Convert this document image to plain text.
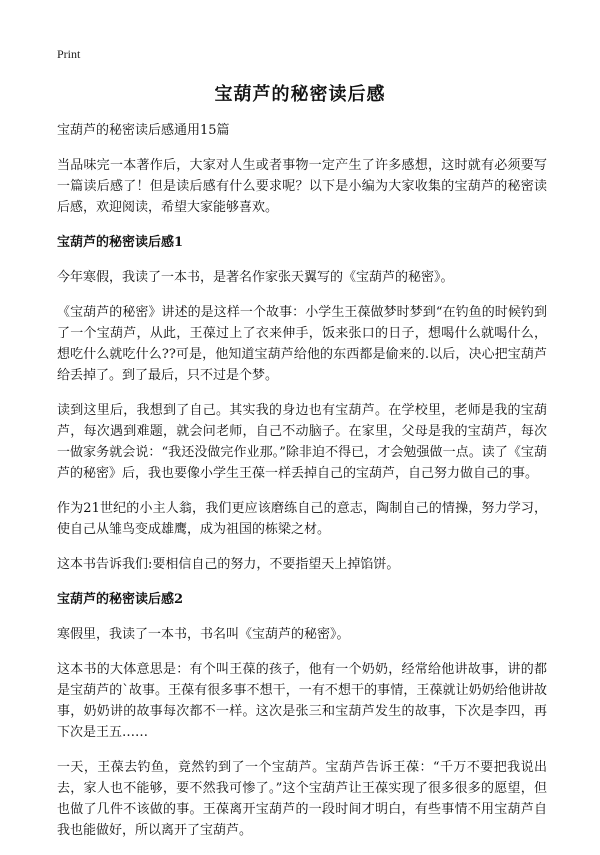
Print
宝葫芦的秘密读后感

宝葫芦的秘密读后感通用15篇

当品味完一本著作后，大家对人生或者事物一定产生了许多感想，这时就有必须要写一篇读后感了！但是读后感有什么要求呢？以下是小编为大家收集的宝葫芦的秘密读后感，欢迎阅读，希望大家能够喜欢。

宝葫芦的秘密读后感1

今年寒假，我读了一本书，是著名作家张天翼写的《宝葫芦的秘密》。

《宝葫芦的秘密》讲述的是这样一个故事：小学生王葆做梦时梦到“在钓鱼的时候钓到了一个宝葫芦，从此，王葆过上了衣来伸手，饭来张口的日子，想喝什么就喝什么，想吃什么就吃什么??可是，他知道宝葫芦给他的东西都是偷来的.以后，决心把宝葫芦给丢掉了。到了最后，只不过是个梦。

读到这里后，我想到了自己。其实我的身边也有宝葫芦。在学校里，老师是我的宝葫芦，每次遇到难题，就会问老师，自己不动脑子。在家里，父母是我的宝葫芦，每次一做家务就会说：“我还没做完作业那。”除非迫不得已，才会勉强做一点。读了《宝葫芦的秘密》后，我也要像小学生王葆一样丢掉自己的宝葫芦，自己努力做自己的事。

作为21世纪的小主人翁，我们更应该磨练自己的意志，陶制自己的情操，努力学习，使自己从雏鸟变成雄鹰，成为祖国的栋梁之材。

这本书告诉我们:要相信自己的努力，不要指望天上掉馅饼。

宝葫芦的秘密读后感2

寒假里，我读了一本书，书名叫《宝葫芦的秘密》。

这本书的大体意思是：有个叫王葆的孩子，他有一个奶奶，经常给他讲故事，讲的都是宝葫芦的`故事。王葆有很多事不想干，一有不想干的事情，王葆就让奶奶给他讲故事，奶奶讲的故事每次都不一样。这次是张三和宝葫芦发生的故事，下次是李四，再下次是王五……

一天，王葆去钓鱼，竟然钓到了一个宝葫芦。宝葫芦告诉王葆：“千万不要把我说出去，家人也不能够，要不然我可惨了。”这个宝葫芦让王葆实现了很多很多的愿望，但也做了几件不该做的事。王葆离开宝葫芦的一段时间才明白，有些事情不用宝葫芦自我也能做好，所以离开了宝葫芦。
